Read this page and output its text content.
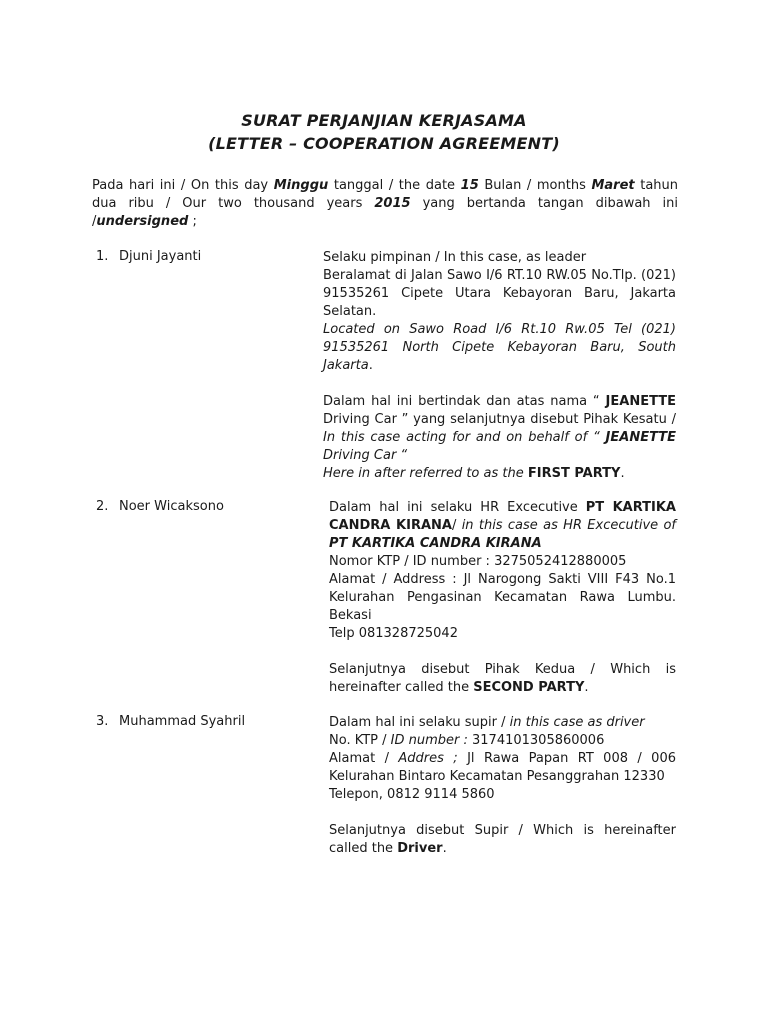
SURAT PERJANJIAN KERJASAMA
(LETTER – COOPERATION AGREEMENT)
Pada hari ini / On this day Minggu tanggal / the date 15 Bulan / months Maret tahun dua ribu / Our two thousand years 2015 yang bertanda tangan dibawah ini /undersigned ;
1. Djuni Jayanti	Selaku pimpinan / In this case, as leader

Beralamat di Jalan Sawo I/6 RT.10 RW.05 No.Tlp. (021) 91535261 Cipete Utara Kebayoran Baru, Jakarta Selatan.

Located on Sawo Road I/6 Rt.10 Rw.05 Tel (021) 91535261 North Cipete Kebayoran Baru, South Jakarta.

Dalam hal ini bertindak dan atas nama “ JEANETTE Driving Car ” yang selanjutnya disebut Pihak Kesatu / In this case acting for and on behalf of “ JEANETTE Driving Car “

Here in after referred to as the FIRST PARTY.

2. Noer Wicaksono	Dalam hal ini selaku HR Excecutive PT KARTIKA CANDRA KIRANA/ in this case as HR Excecutive of PT KARTIKA CANDRA KIRANA

Nomor KTP / ID number : 3275052412880005

Alamat / Address : Jl Narogong Sakti VIII F43 No.1 Kelurahan Pengasinan Kecamatan Rawa Lumbu. Bekasi

Telp 081328725042

Selanjutnya disebut Pihak Kedua / Which is hereinafter called the SECOND PARTY.

3. Muhammad Syahril	Dalam hal ini selaku supir / in this case as driver

No. KTP / ID number : 3174101305860006

Alamat / Addres ; Jl Rawa Papan RT 008 / 006 Kelurahan Bintaro Kecamatan Pesanggrahan 12330

Telepon, 0812 9114 5860

Selanjutnya disebut Supir / Which is hereinafter called the Driver.
